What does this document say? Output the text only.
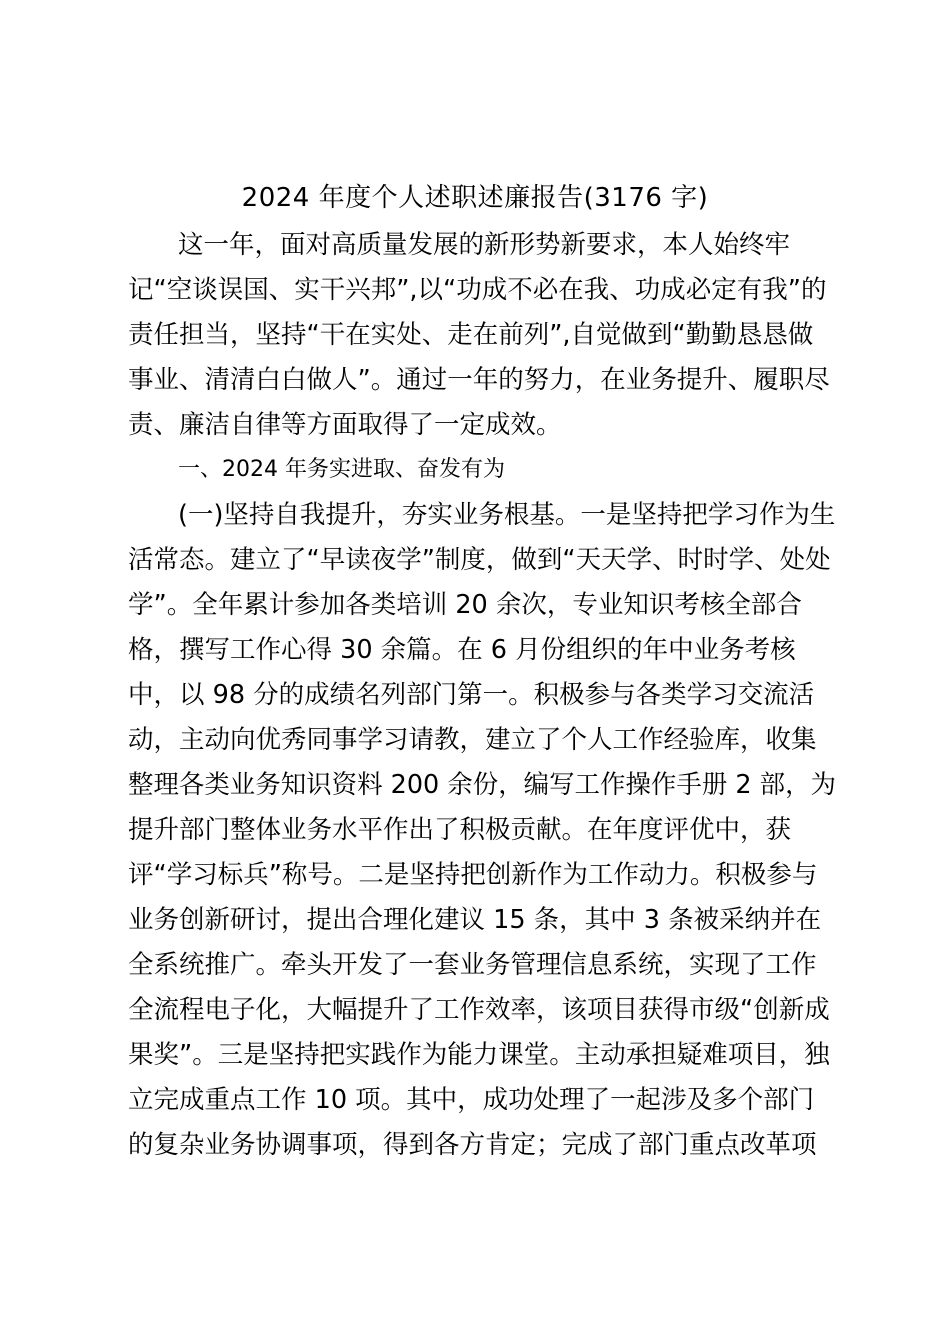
2024 年度个人述职述廉报告(3176 字)
这一年，面对高质量发展的新形势新要求，本人始终牢
记“空谈误国、实干兴邦”,以“功成不必在我、功成必定有我”的
责任担当，坚持“干在实处、走在前列”,自觉做到“勤勤恳恳做
事业、清清白白做人”。通过一年的努力，在业务提升、履职尽
责、廉洁自律等方面取得了一定成效。
一、2024 年务实进取、奋发有为
(一)坚持自我提升，夯实业务根基。一是坚持把学习作为生
活常态。建立了“早读夜学”制度，做到“天天学、时时学、处处
学”。全年累计参加各类培训 20 余次，专业知识考核全部合
格，撰写工作心得 30 余篇。在 6 月份组织的年中业务考核
中，以 98 分的成绩名列部门第一。积极参与各类学习交流活
动，主动向优秀同事学习请教，建立了个人工作经验库，收集
整理各类业务知识资料 200 余份，编写工作操作手册 2 部，为
提升部门整体业务水平作出了积极贡献。在年度评优中，获
评“学习标兵”称号。二是坚持把创新作为工作动力。积极参与
业务创新研讨，提出合理化建议 15 条，其中 3 条被采纳并在
全系统推广。牵头开发了一套业务管理信息系统，实现了工作
全流程电子化，大幅提升了工作效率，该项目获得市级“创新成
果奖”。三是坚持把实践作为能力课堂。主动承担疑难项目，独
立完成重点工作 10 项。其中，成功处理了一起涉及多个部门
的复杂业务协调事项，得到各方肯定；完成了部门重点改革项
